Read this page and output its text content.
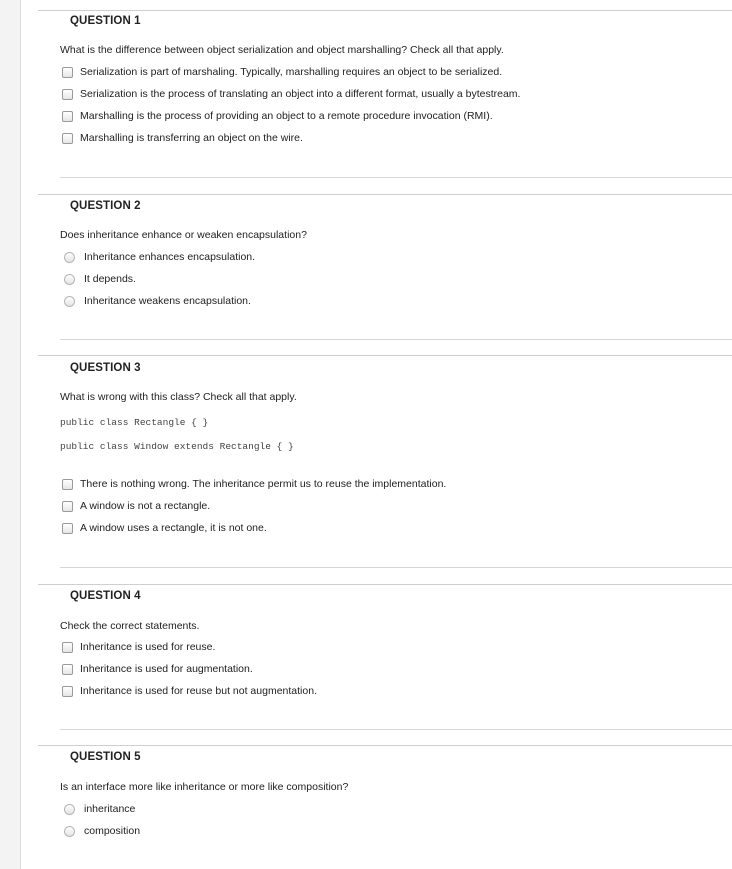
QUESTION 1
What is the difference between object serialization and object marshalling? Check all that apply.
Serialization is part of marshaling. Typically, marshalling requires an object to be serialized.
Serialization is the process of translating an object into a different format, usually a bytestream.
Marshalling is the process of providing an object to a remote procedure invocation (RMI).
Marshalling is transferring an object on the wire.
QUESTION 2
Does inheritance enhance or weaken encapsulation?
Inheritance enhances encapsulation.
It depends.
Inheritance weakens encapsulation.
QUESTION 3
What is wrong with this class? Check all that apply.
public class Rectangle { }
public class Window extends Rectangle { }
There is nothing wrong. The inheritance permit us to reuse the implementation.
A window is not a rectangle.
A window uses a rectangle, it is not one.
QUESTION 4
Check the correct statements.
Inheritance is used for reuse.
Inheritance is used for augmentation.
Inheritance is used for reuse but not augmentation.
QUESTION 5
Is an interface more like inheritance or more like composition?
inheritance
composition
